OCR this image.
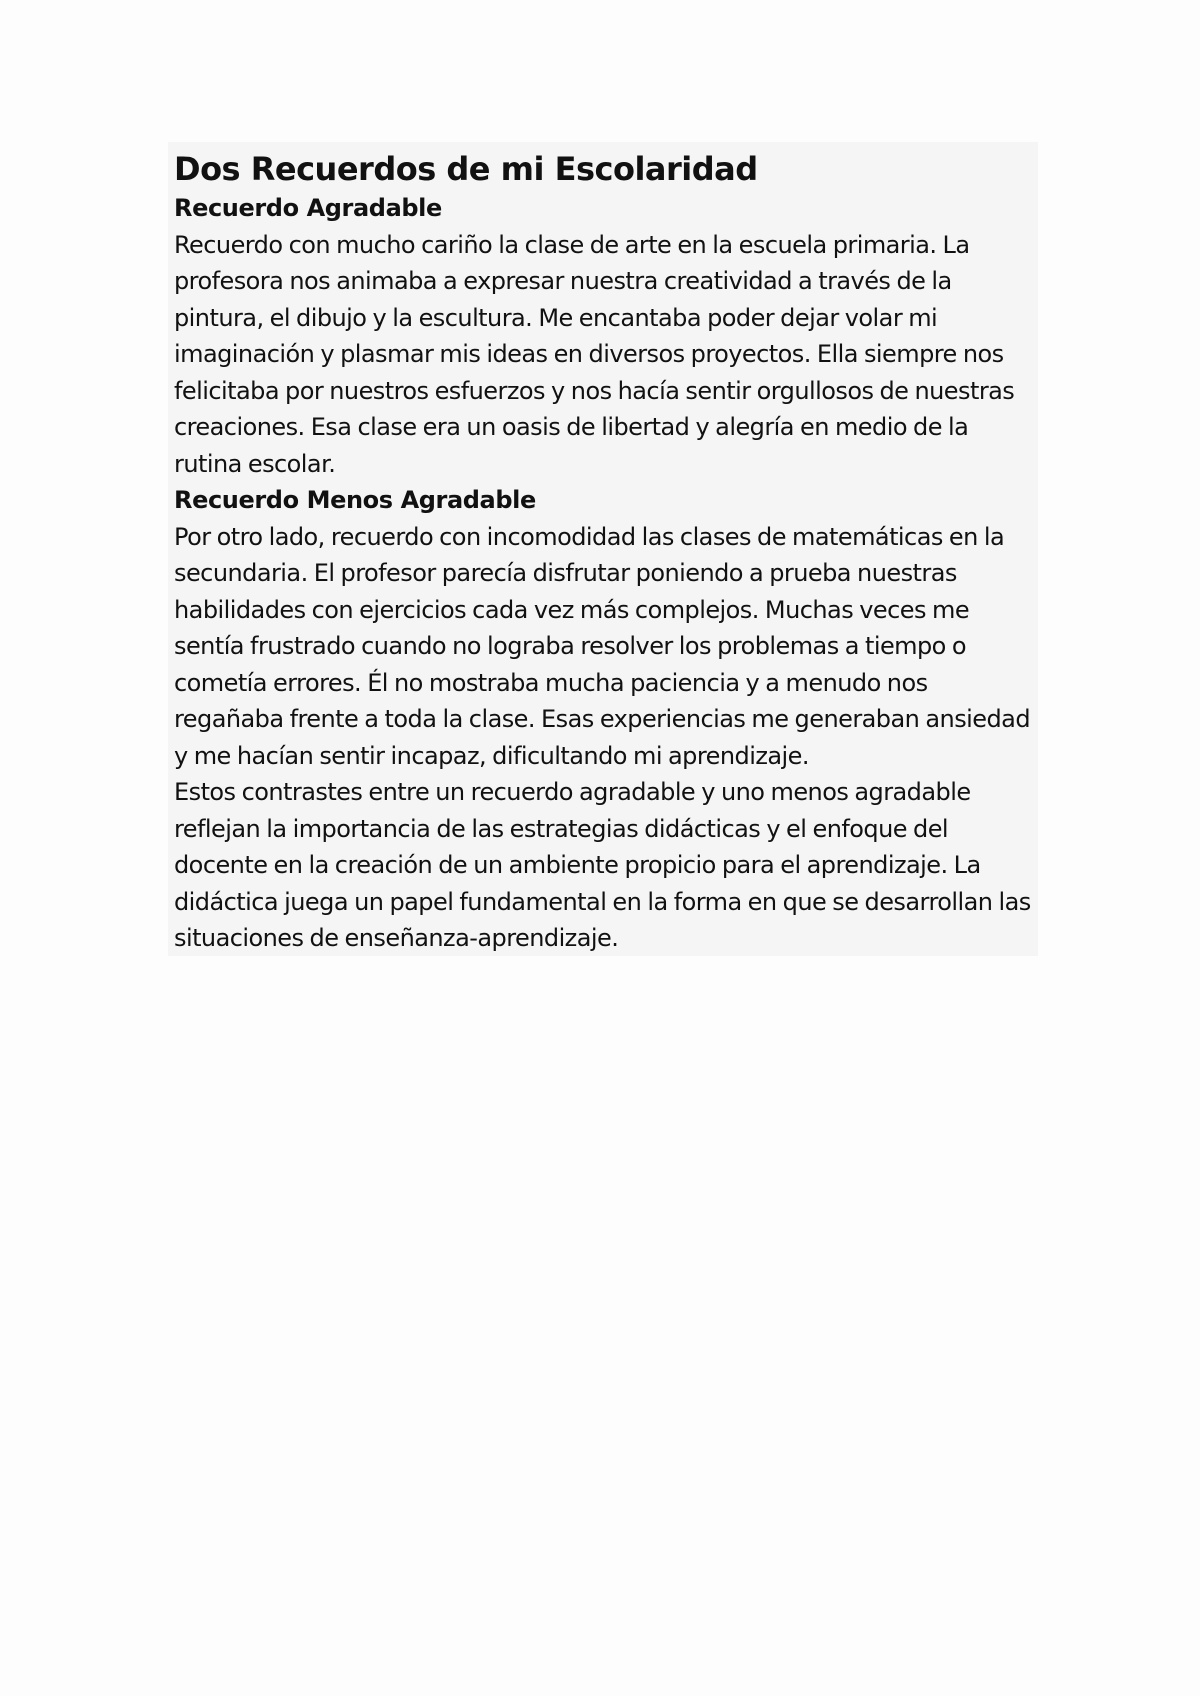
Dos Recuerdos de mi Escolaridad
Recuerdo Agradable

Recuerdo con mucho cariño la clase de arte en la escuela primaria. La profesora nos animaba a expresar nuestra creatividad a través de la pintura, el dibujo y la escultura. Me encantaba poder dejar volar mi imaginación y plasmar mis ideas en diversos proyectos. Ella siempre nos felicitaba por nuestros esfuerzos y nos hacía sentir orgullosos de nuestras creaciones. Esa clase era un oasis de libertad y alegría en medio de la rutina escolar.

Recuerdo Menos Agradable

Por otro lado, recuerdo con incomodidad las clases de matemáticas en la secundaria. El profesor parecía disfrutar poniendo a prueba nuestras habilidades con ejercicios cada vez más complejos. Muchas veces me sentía frustrado cuando no lograba resolver los problemas a tiempo o cometía errores. Él no mostraba mucha paciencia y a menudo nos regañaba frente a toda la clase. Esas experiencias me generaban ansiedad y me hacían sentir incapaz, dificultando mi aprendizaje.

Estos contrastes entre un recuerdo agradable y uno menos agradable reflejan la importancia de las estrategias didácticas y el enfoque del docente en la creación de un ambiente propicio para el aprendizaje. La didáctica juega un papel fundamental en la forma en que se desarrollan las situaciones de enseñanza-aprendizaje.
